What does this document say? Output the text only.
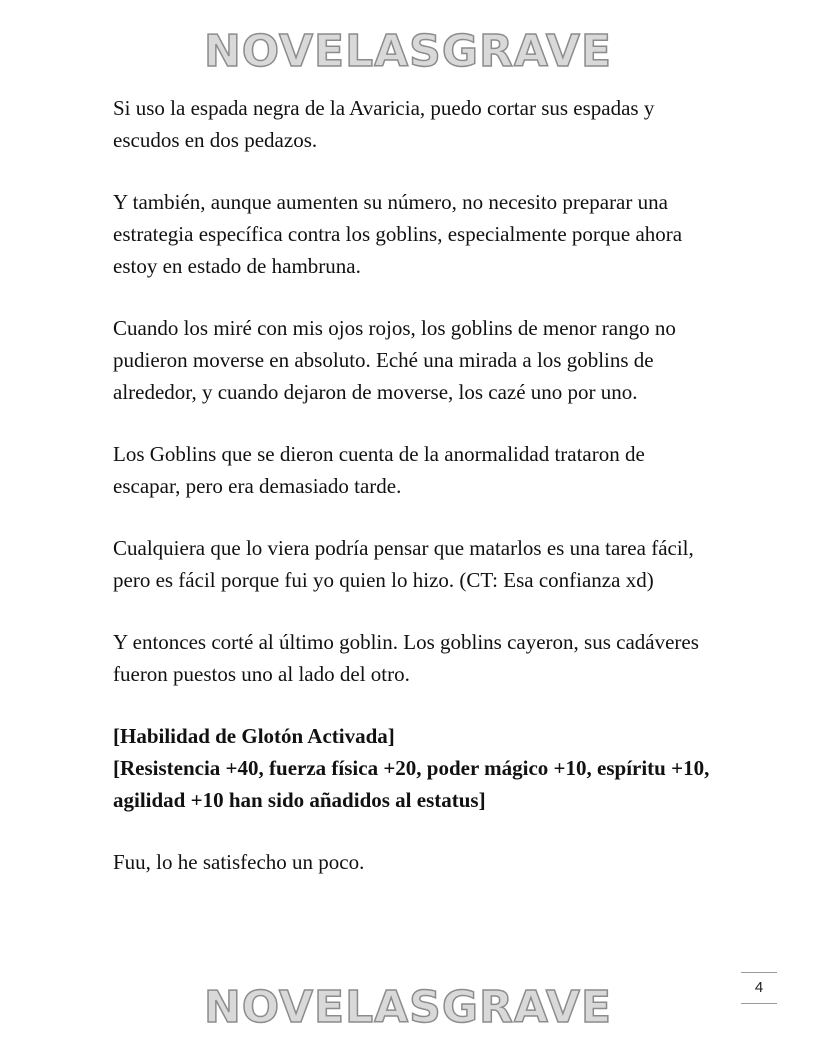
NOVELASGRAVE

Si uso la espada negra de la Avaricia, puedo cortar sus espadas y escudos en dos pedazos.

Y también, aunque aumenten su número, no necesito preparar una estrategia específica contra los goblins, especialmente porque ahora estoy en estado de hambruna.

Cuando los miré con mis ojos rojos, los goblins de menor rango no pudieron moverse en absoluto. Eché una mirada a los goblins de alrededor, y cuando dejaron de moverse, los cazé uno por uno.

Los Goblins que se dieron cuenta de la anormalidad trataron de escapar, pero era demasiado tarde.

Cualquiera que lo viera podría pensar que matarlos es una tarea fácil, pero es fácil porque fui yo quien lo hizo. (CT: Esa confianza xd)

Y entonces corté al último goblin. Los goblins cayeron, sus cadáveres fueron puestos uno al lado del otro.

[Habilidad de Glotón Activada]
[Resistencia +40, fuerza física +20, poder mágico +10, espíritu +10, agilidad +10 han sido añadidos al estatus]

Fuu, lo he satisfecho un poco.

4
NOVELASGRAVE
